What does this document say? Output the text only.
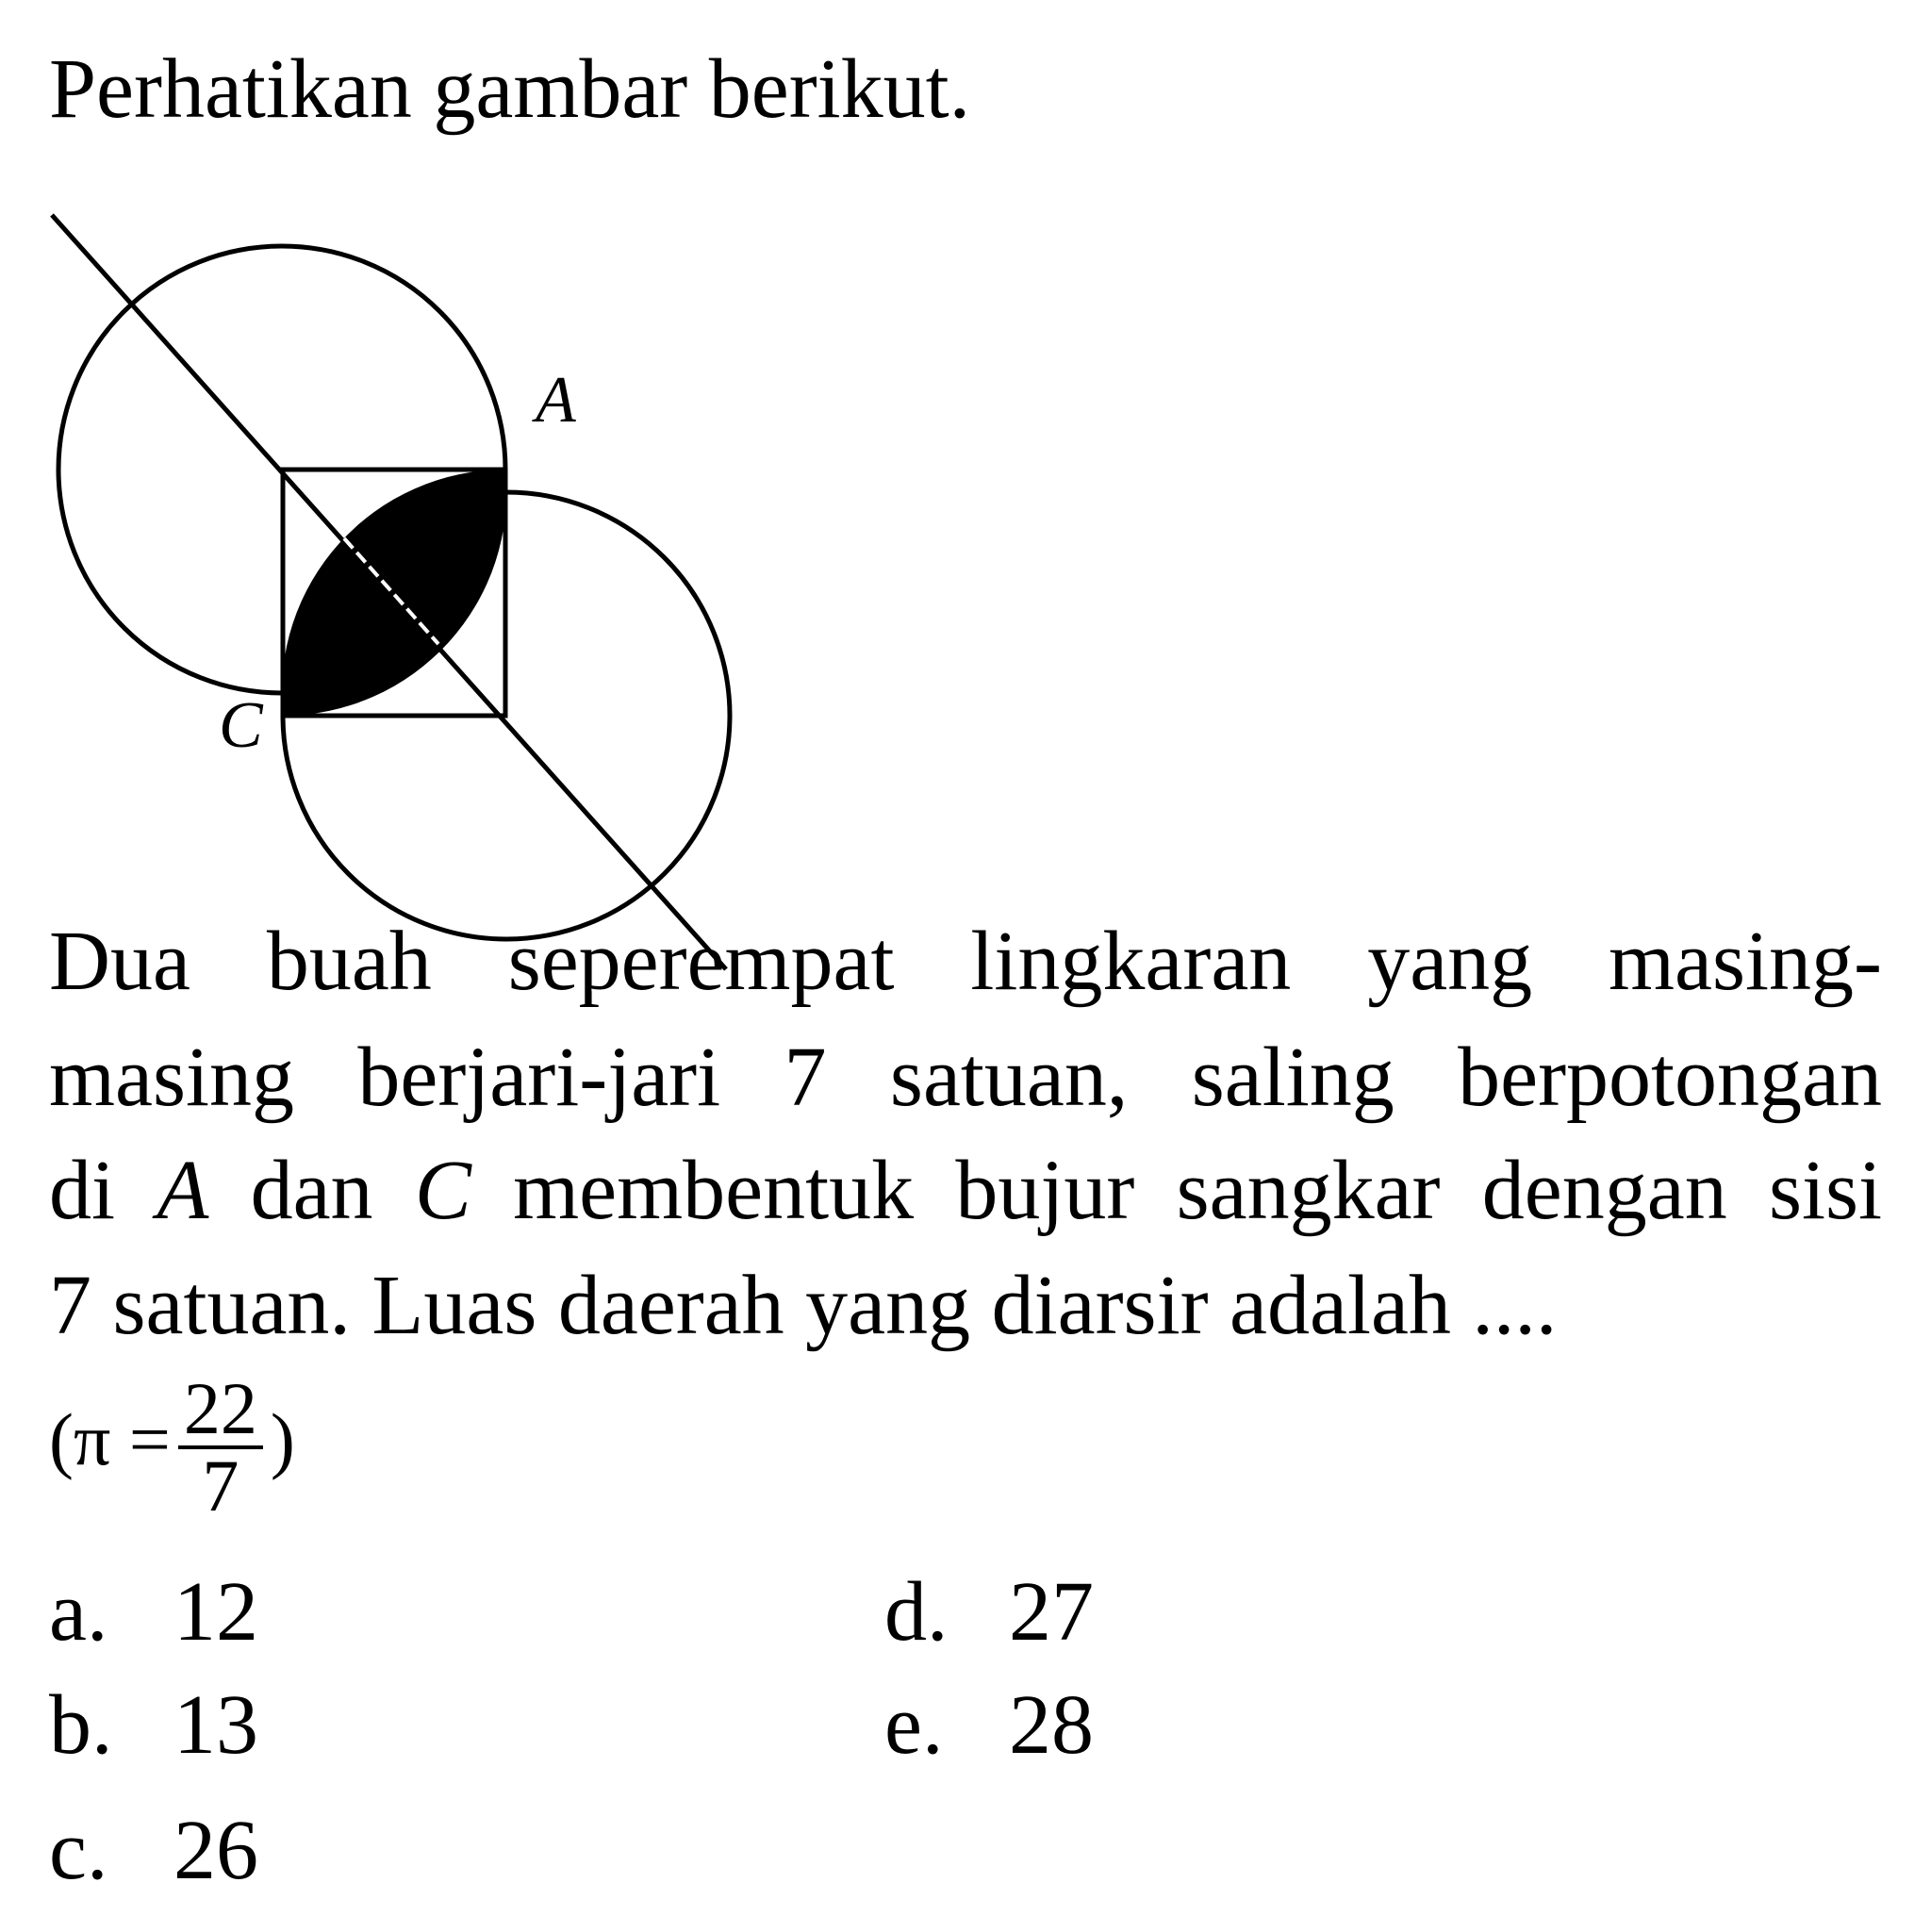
Perhatikan gambar berikut.
A
C
Dua buah seperempat lingkaran yang masing-
masing berjari-jari 7 satuan, saling berpotongan
di A dan C membentuk bujur sangkar dengan sisi
7 satuan. Luas daerah yang diarsir adalah ....
($\pi = \frac{22}{7}$ )
a. 12
b. 13
c. 26
d. 27
e. 28
